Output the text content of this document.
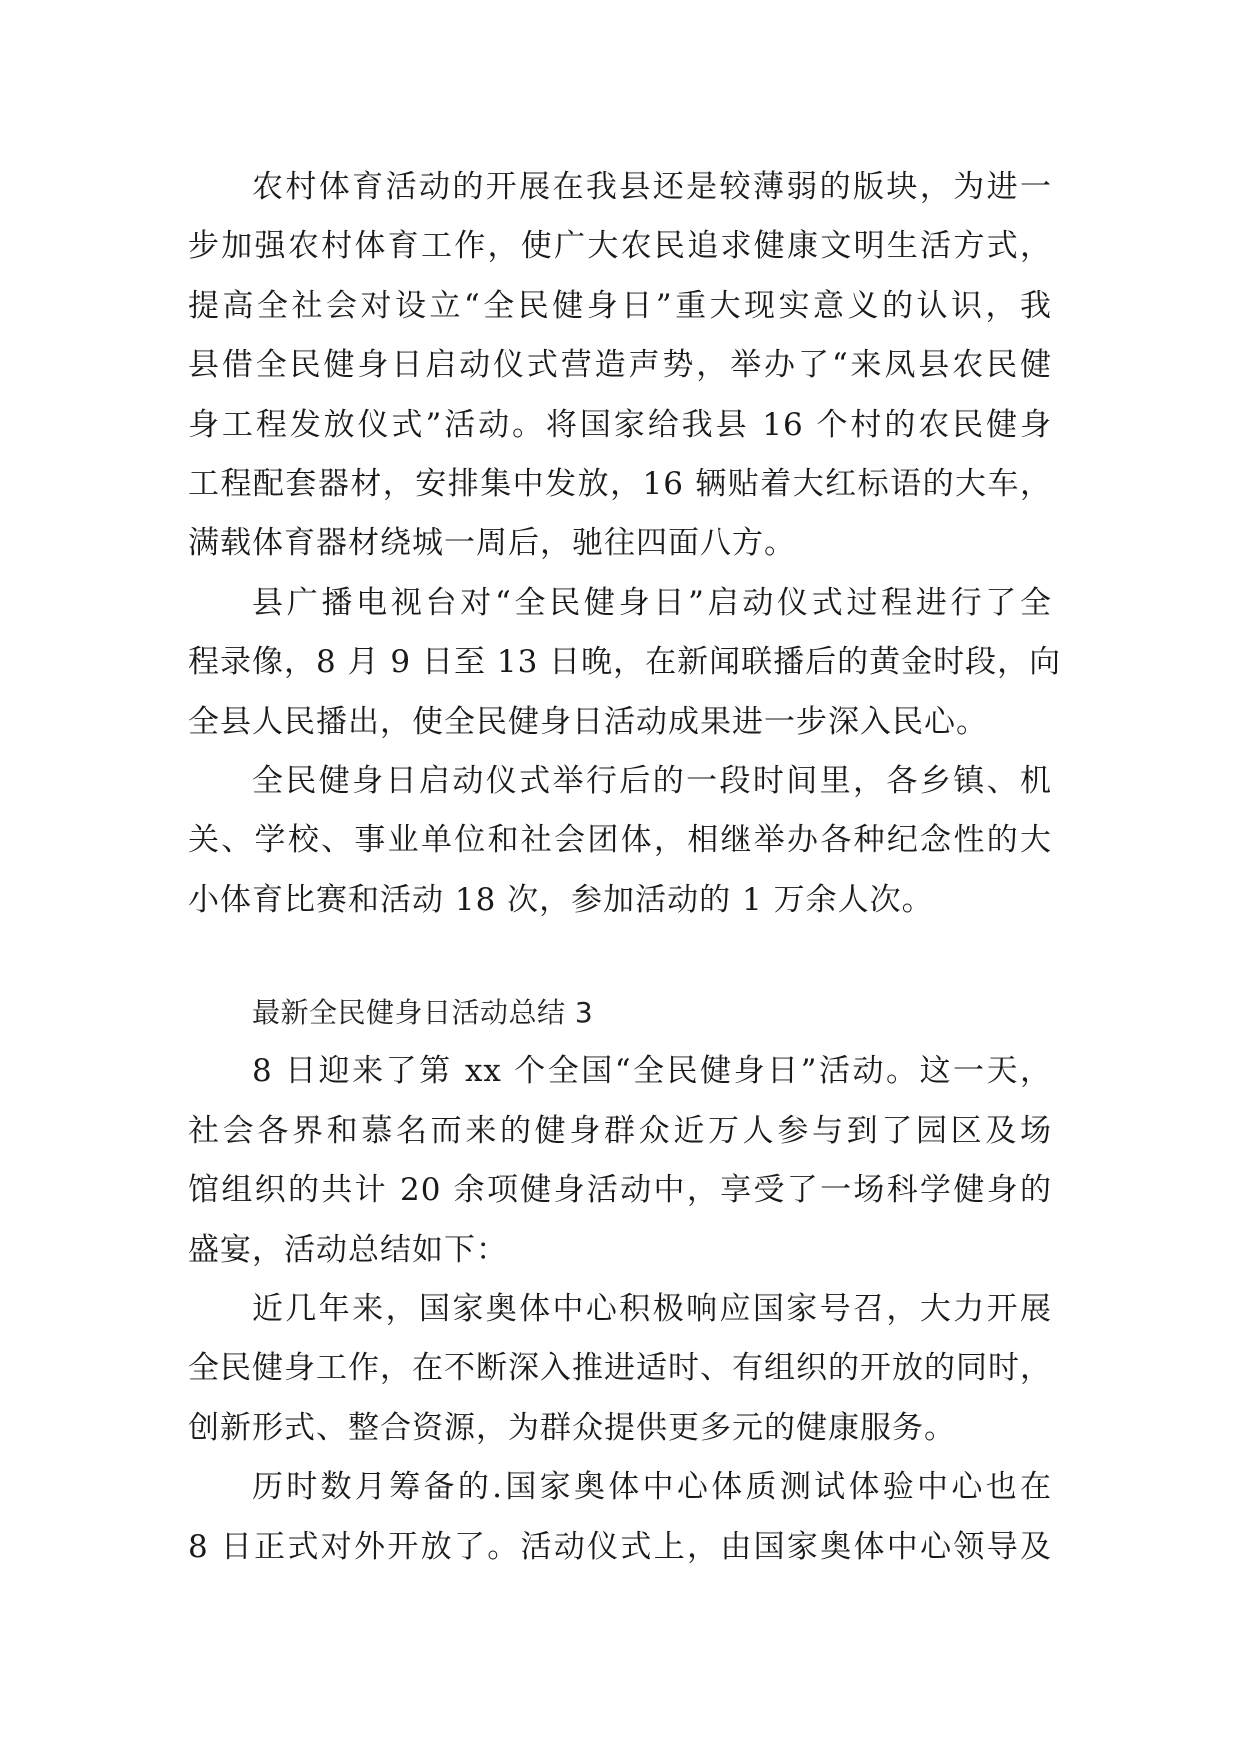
农村体育活动的开展在我县还是较薄弱的版块，为进一
步加强农村体育工作，使广大农民追求健康文明生活方式，
提高全社会对设立“全民健身日”重大现实意义的认识，我
县借全民健身日启动仪式营造声势，举办了“来凤县农民健
身工程发放仪式”活动。将国家给我县 16 个村的农民健身
工程配套器材，安排集中发放，16 辆贴着大红标语的大车，
满载体育器材绕城一周后，驰往四面八方。
县广播电视台对“全民健身日”启动仪式过程进行了全
程录像，8 月 9 日至 13 日晚，在新闻联播后的黄金时段，向
全县人民播出，使全民健身日活动成果进一步深入民心。
全民健身日启动仪式举行后的一段时间里，各乡镇、机
关、学校、事业单位和社会团体，相继举办各种纪念性的大
小体育比赛和活动 18 次，参加活动的 1 万余人次。
最新全民健身日活动总结 3
8 日迎来了第 xx 个全国“全民健身日”活动。这一天，
社会各界和慕名而来的健身群众近万人参与到了园区及场
馆组织的共计 20 余项健身活动中，享受了一场科学健身的
盛宴，活动总结如下：
近几年来，国家奥体中心积极响应国家号召，大力开展
全民健身工作，在不断深入推进适时、有组织的开放的同时，
创新形式、整合资源，为群众提供更多元的健康服务。
历时数月筹备的.国家奥体中心体质测试体验中心也在
8 日正式对外开放了。活动仪式上，由国家奥体中心领导及
